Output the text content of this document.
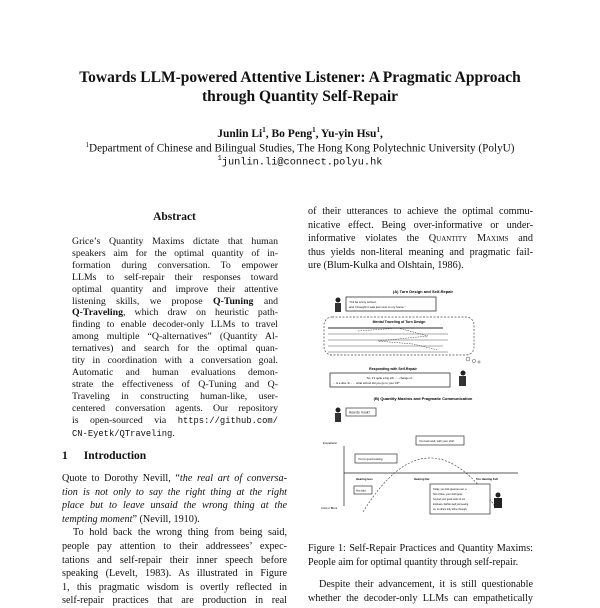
Towards LLM-powered Attentive Listener: A Pragmatic Approach
through Quantity Self-Repair
Junlin Li$^1$, Bo Peng$^1$, Yu-yin Hsu$^1$,
$^1$Department of Chinese and Bilingual Studies, The Hong Kong Polytechnic University (PolyU)
$^1$junlin.li@connect.polyu.hk
Abstract
Grice’s Quantity Maxims dictate that human
speakers aim for the optimal quantity of in-
formation during conversation. To empower
LLMs to self-repair their responses toward
optimal quantity and improve their attentive
listening skills, we propose Q-Tuning and
Q-Traveling, which draw on heuristic path-
finding to enable decoder-only LLMs to travel
among multiple “Q-alternatives” (Quantity Al-
ternatives) and search for the optimal quan-
tity in coordination with a conversation goal.
Automatic and human evaluations demon-
strate the effectiveness of Q-Tuning and Q-
Traveling in constructing human-like, user-
centered conversation agents. Our repository
is open-sourced via https://github.com/
CN-Eyetk/QTraveling.
1 Introduction
Quote to Dorothy Nevill, “the real art of conversa-
tion is not only to say the right thing at the right
place but to leave unsaid the wrong thing at the
tempting moment” (Nevill, 1910).
To hold back the wrong thing from being said,
people pay attention to their addressees’ expec-
tations and self-repair their inner speech before
speaking (Levelt, 1983). As illustrated in Figure
1, this pragmatic wisdom is overtly reflected in
self-repair practices that are production in real
of their utterances to achieve the optimal commu-
nicative effect. Being over-informative or under-
informative violates the Quantity Maxims and
thus yields non-literal meaning and pragmatic fail-
ure (Blum-Kulka and Olshtain, 1986).
(A) Turn Design and Self-Repair
“It’d be a tiny school,
and I thought it was just next to my home.”
Mental Traveling of Turn Design
Responding with Self-Repair
“So, it’s quite a big sch...... change of...
... & a diss..th... ... what school did you go to your OP”
(B) Quantity Maxims and Pragmatic Communication
How do I look?
Empathetic
Cold or Blunt
Hearing less	Hearing fair	Too Hearing Full
You look well, with your shirt.
You’re good looking.
Not bad.	Today, you look great as ever, a
hint of blue, your outfit goes
beyond your good looks of our
kindness, fashion and just seeing
us, to others truly shine through.
Figure 1: Self-Repair Practices and Quantity Maxims:
People aim for optimal quantity through self-repair.
Despite their advancement, it is still questionable
whether the decoder-only LLMs can empathetically
